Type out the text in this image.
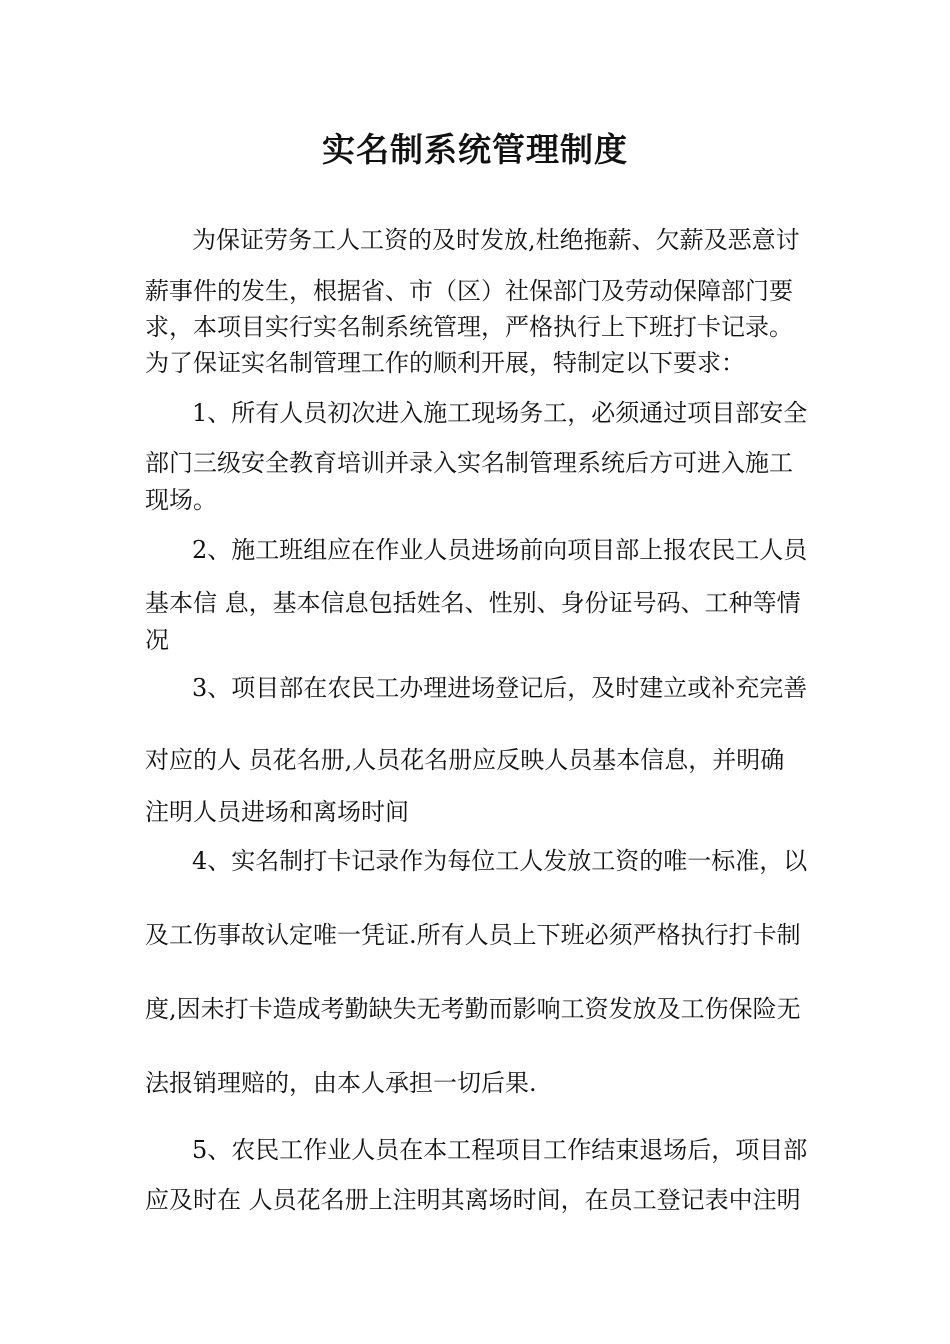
实名制系统管理制度
为保证劳务工人工资的及时发放,杜绝拖薪、欠薪及恶意讨
薪事件的发生，根据省、市（区）社保部门及劳动保障部门要
求，本项目实行实名制系统管理，严格执行上下班打卡记录。
为了保证实名制管理工作的顺利开展，特制定以下要求：
1、所有人员初次进入施工现场务工，必须通过项目部安全
部门三级安全教育培训并录入实名制管理系统后方可进入施工
现场。
2、施工班组应在作业人员进场前向项目部上报农民工人员
基本信 息，基本信息包括姓名、性别、身份证号码、工种等情
况
3、项目部在农民工办理进场登记后，及时建立或补充完善
对应的人 员花名册,人员花名册应反映人员基本信息，并明确
注明人员进场和离场时间
4、实名制打卡记录作为每位工人发放工资的唯一标准，以
及工伤事故认定唯一凭证.所有人员上下班必须严格执行打卡制
度,因未打卡造成考勤缺失无考勤而影响工资发放及工伤保险无
法报销理赔的，由本人承担一切后果.
5、农民工作业人员在本工程项目工作结束退场后，项目部
应及时在 人员花名册上注明其离场时间，在员工登记表中注明
